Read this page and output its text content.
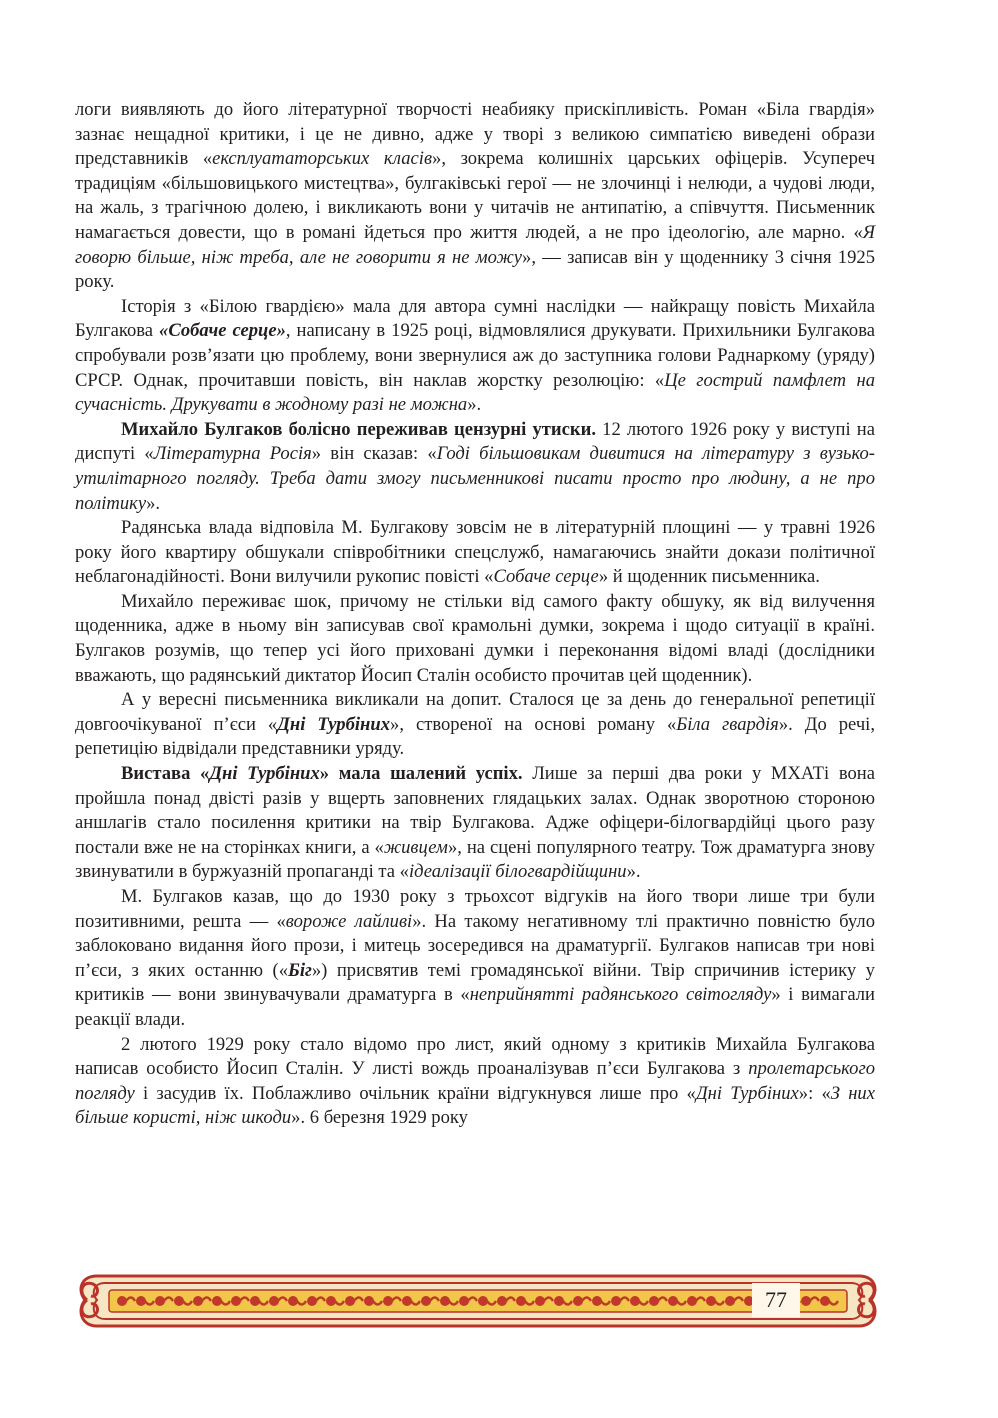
логи виявляють до його літературної творчості неабияку прискіпливість. Роман «Біла гвардія» зазнає нещадної критики, і це не дивно, адже у творі з великою симпатією виведені образи представників «експлуататорських класів», зокрема колишніх царських офіцерів. Усупереч традиціям «більшовицького мистецтва», булгаківські герої — не злочинці і нелюди, а чудові люди, на жаль, з трагічною долею, і викликають вони у читачів не антипатію, а співчуття. Письменник намагається довести, що в романі йдеться про життя людей, а не про ідеологію, але марно. «Я говорю більше, ніж треба, але не говорити я не можу», — записав він у щоденнику 3 січня 1925 року.

Історія з «Білою гвардією» мала для автора сумні наслідки — найкращу повість Михайла Булгакова «Собаче серце», написану в 1925 році, відмовлялися друкувати. Прихильники Булгакова спробували розв’язати цю проблему, вони звернулися аж до заступника голови Раднаркому (уряду) СРСР. Однак, прочитавши повість, він наклав жорстку резолюцію: «Це гострий памфлет на сучасність. Друкувати в жодному разі не можна».

Михайло Булгаков болісно переживав цензурні утиски. 12 лютого 1926 року у виступі на диспуті «Літературна Росія» він сказав: «Годі більшовикам дивитися на літературу з вузько-утилітарного погляду. Треба дати змогу письменникові писати просто про людину, а не про політику».

Радянська влада відповіла М. Булгакову зовсім не в літературній площині — у травні 1926 року його квартиру обшукали співробітники спецслужб, намагаючись знайти докази політичної неблагонадійності. Вони вилучили рукопис повісті «Собаче серце» й щоденник письменника.

Михайло переживає шок, причому не стільки від самого факту обшуку, як від вилучення щоденника, адже в ньому він записував свої крамольні думки, зокрема і щодо ситуації в країні. Булгаков розумів, що тепер усі його приховані думки і переконання відомі владі (дослідники вважають, що радянський диктатор Йосип Сталін особисто прочитав цей щоденник).

А у вересні письменника викликали на допит. Сталося це за день до генеральної репетиції довгоочікуваної п’єси «Дні Турбіних», створеної на основі роману «Біла гвардія». До речі, репетицію відвідали представники уряду.

Вистава «Дні Турбіних» мала шалений успіх. Лише за перші два роки у МХАТі вона пройшла понад двісті разів у вщерть заповнених глядацьких залах. Однак зворотною стороною аншлагів стало посилення критики на твір Булгакова. Адже офіцери-білогвардійці цього разу постали вже не на сторінках книги, а «живцем», на сцені популярного театру. Тож драматурга знову звинуватили в буржуазній пропаганді та «ідеалізації білогвардійщини».

М. Булгаков казав, що до 1930 року з трьохсот відгуків на його твори лише три були позитивними, решта — «вороже лайливі». На такому негативному тлі практично повністю було заблоковано видання його прози, і митець зосередився на драматургії. Булгаков написав три нові п’єси, з яких останню («Біг») присвятив темі громадянської війни. Твір спричинив істерику у критиків — вони звинувачували драматурга в «неприйнятті радянського світогляду» і вимагали реакції влади.

2 лютого 1929 року стало відомо про лист, який одному з критиків Михайла Булгакова написав особисто Йосип Сталін. У листі вождь проаналізував п’єси Булгакова з пролетарського погляду і засудив їх. Поблажливо очільник країни відгукнувся лише про «Дні Турбіних»: «З них більше користі, ніж шкоди». 6 березня 1929 року

77
